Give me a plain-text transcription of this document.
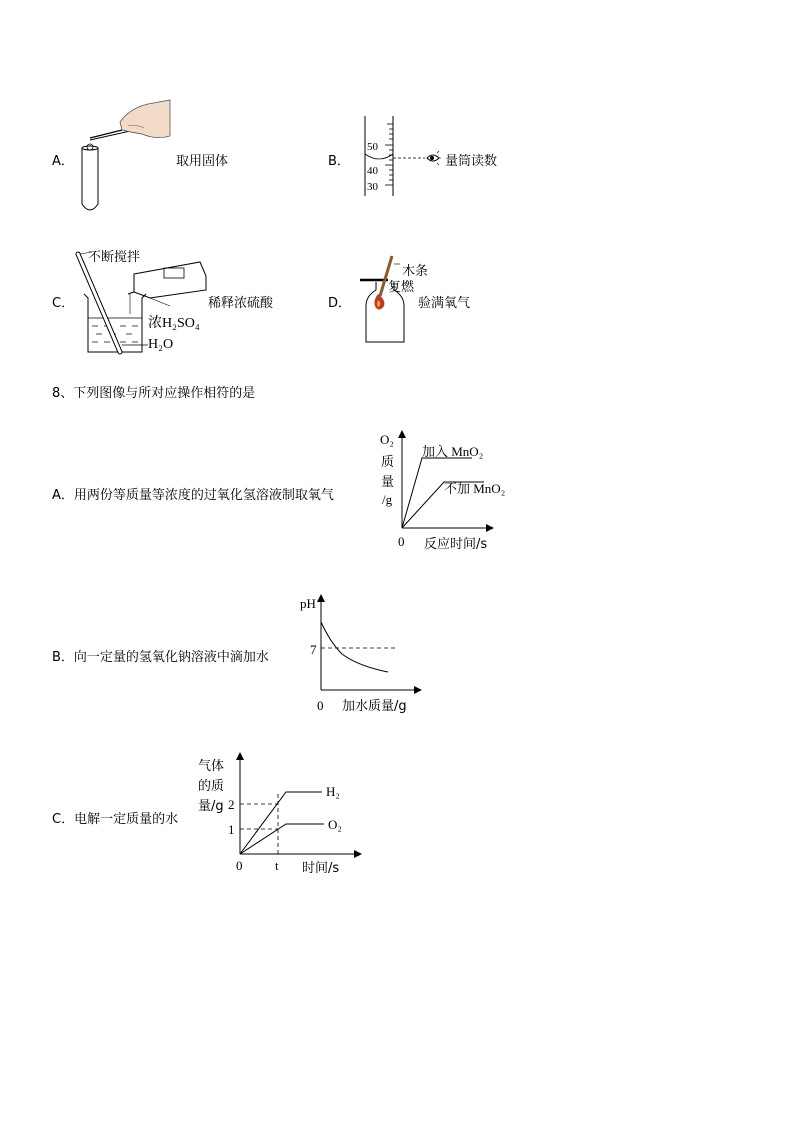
A．	取用固体	B．
50
40
30
量筒读数
C．
不断搅拌
浓H₂SO₄
H₂O
稀释浓硫酸	D．
木条
复燃
验满氧气
8、下列图像与所对应操作相符的是
A．用两份等质量等浓度的过氧化氢溶液制取氧气
O₂
质
量
/g
0 反应时间/s
加入 MnO₂
不加 MnO₂
B．向一定量的氢氧化钠溶液中滴加水
pH
7
0 加水质量/g
C．电解一定质量的水
气体
的质
量/g 2
1
0	t 时间/s
H₂
O₂
